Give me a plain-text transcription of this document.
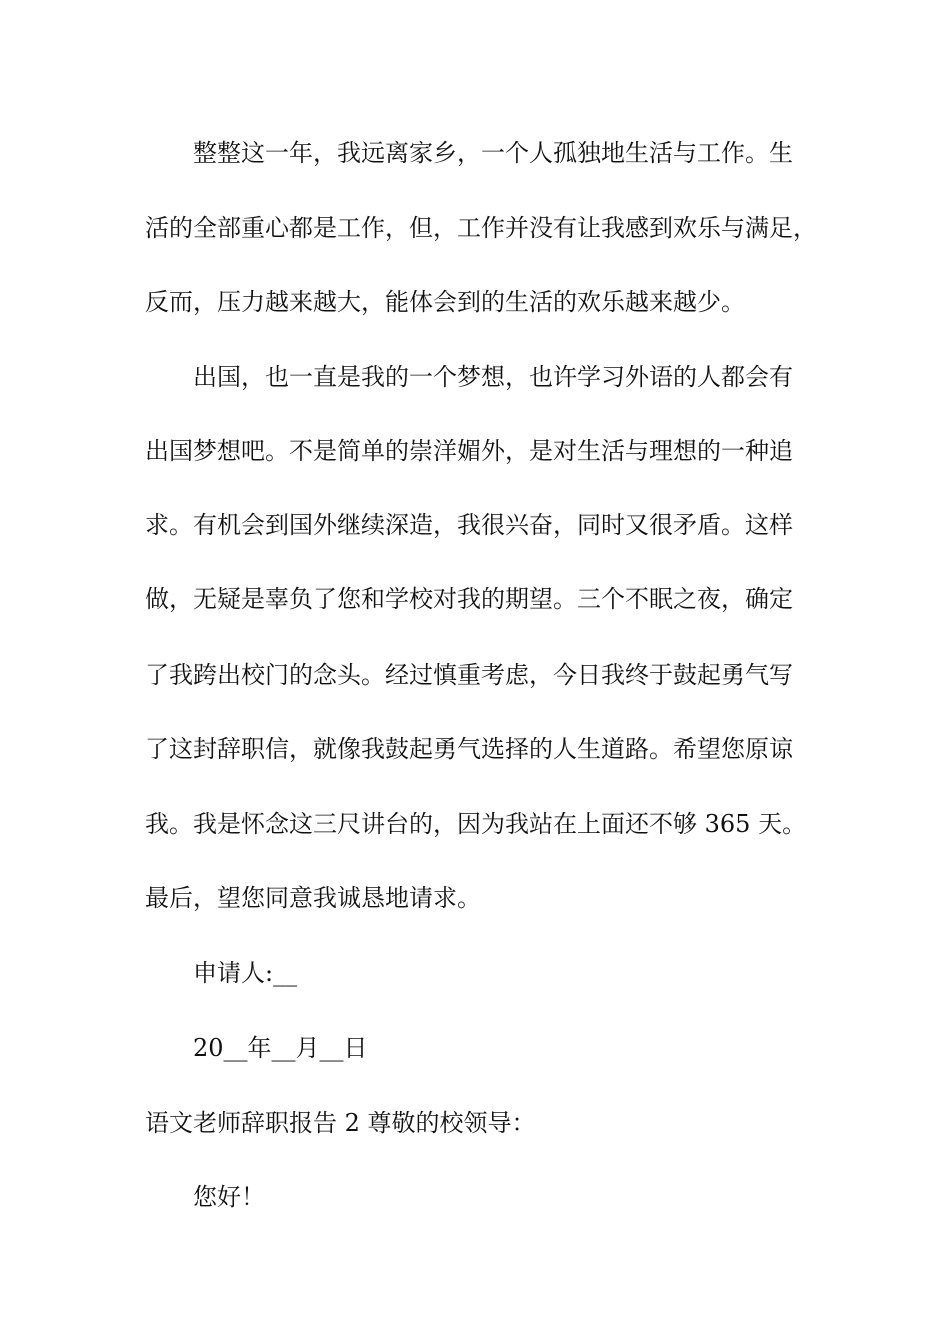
整整这一年，我远离家乡，一个人孤独地生活与工作。生
活的全部重心都是工作，但，工作并没有让我感到欢乐与满足，
反而，压力越来越大，能体会到的生活的欢乐越来越少。
出国，也一直是我的一个梦想，也许学习外语的人都会有
出国梦想吧。不是简单的崇洋媚外，是对生活与理想的一种追
求。有机会到国外继续深造，我很兴奋，同时又很矛盾。这样
做，无疑是辜负了您和学校对我的期望。三个不眠之夜，确定
了我跨出校门的念头。经过慎重考虑，今日我终于鼓起勇气写
了这封辞职信，就像我鼓起勇气选择的人生道路。希望您原谅
我。我是怀念这三尺讲台的，因为我站在上面还不够 365 天。
最后，望您同意我诚恳地请求。
申请人:__
20__年__月__日
语文老师辞职报告 2 尊敬的校领导：
您好！
